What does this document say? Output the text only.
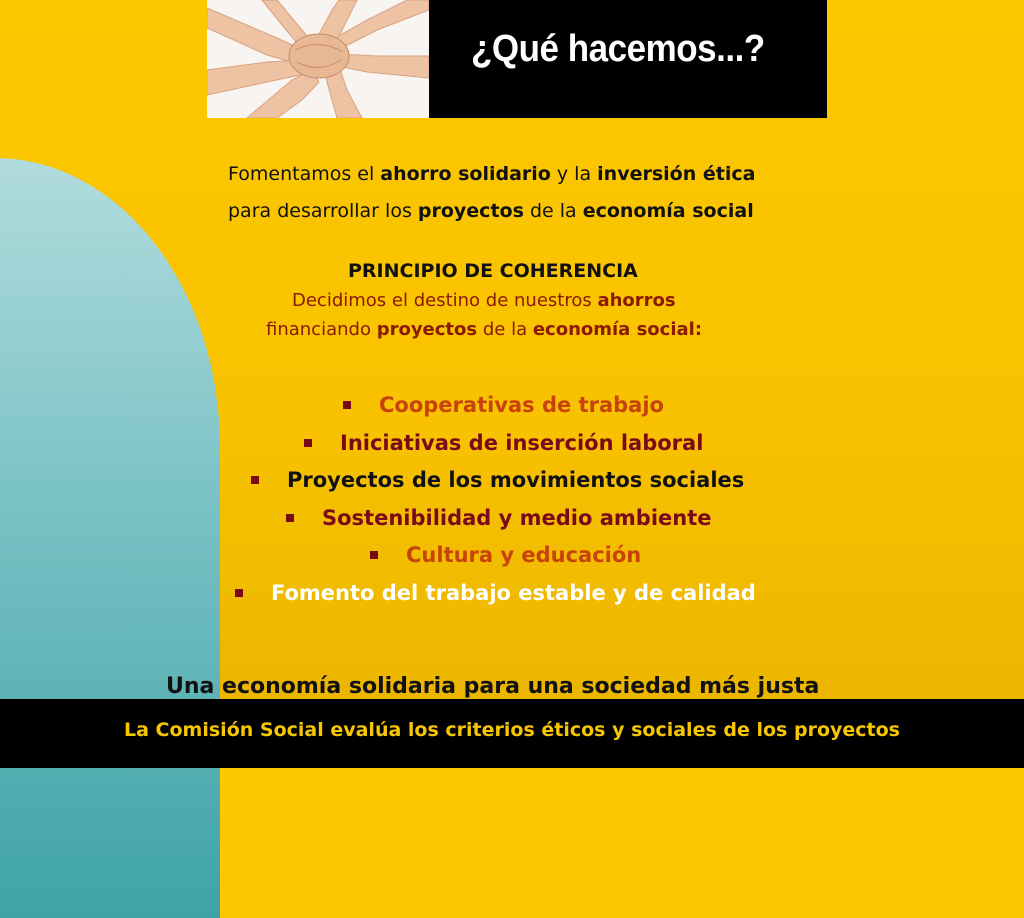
¿Qué hacemos...?
Fomentamos el ahorro solidario y la inversión ética
para desarrollar los proyectos de la economía social
PRINCIPIO DE COHERENCIA
Decidimos el destino de nuestros ahorros
financiando proyectos de la economía social:
Cooperativas de trabajo
Iniciativas de inserción laboral
Proyectos de los movimientos sociales
Sostenibilidad y medio ambiente
Cultura y educación
Fomento del trabajo estable y de calidad
Una economía solidaria para una sociedad más justa
La Comisión Social evalúa los criterios éticos y sociales de los proyectos
